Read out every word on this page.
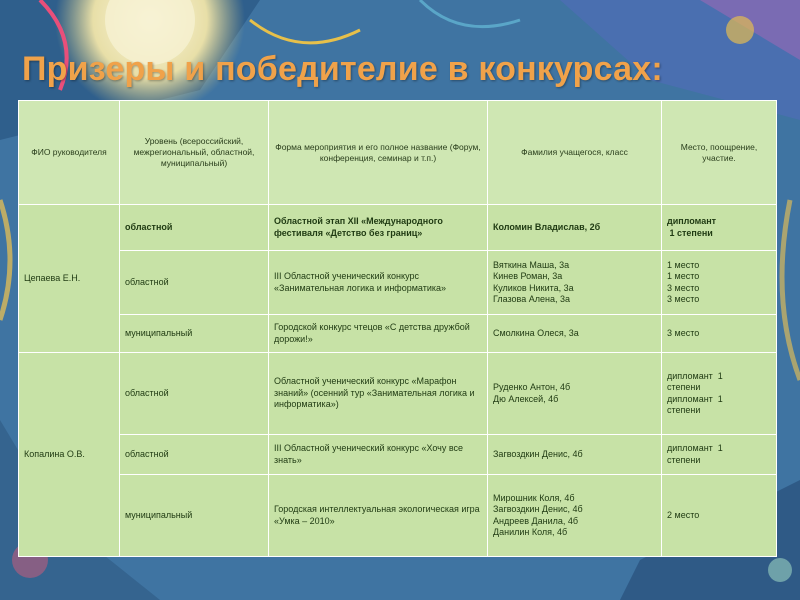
Призеры и победителие в конкурсах:
ФИО руководителя	Уровень (всероссийский, межрегиональный, областной, муниципальный)	Форма мероприятия и его полное название (Форум, конференция, семинар и т.п.)	Фамилия учащегося, класс	Место, поощрение, участие.
Цепаева Е.Н.	областной	Областной этап XII «Международного фестиваля «Детство без границ»	Коломин Владислав, 2б	дипломант
1 степени

	областной	III Областной ученический конкурс «Занимательная логика и информатика»	Вяткина Маша, 3а
Кинев Роман, 3а
Куликов Никита, 3а
Глазова Алена, 3а	1 место
1 место
3 место
3 место

	муниципальный	Городской конкурс чтецов «С детства дружбой дорожи!»	Смолкина Олеся, 3а	3 место

Копалина О.В.	областной	Областной ученический конкурс «Марафон знаний» (осенний тур «Занимательная логика и информатика»)	Руденко Антон, 4б
Дю Алексей, 4б	дипломант  1
степени
дипломант  1
степени

	областной	III Областной ученический конкурс «Хочу все знать»	Загвоздкин Денис, 4б	дипломант  1
степени

	муниципальный	Городская интеллектуальная экологическая игра «Умка – 2010»	Мирошник Коля, 4б
Загвоздкин Денис, 4б
Андреев Данила, 4б
Данилин Коля, 4б	2 место
